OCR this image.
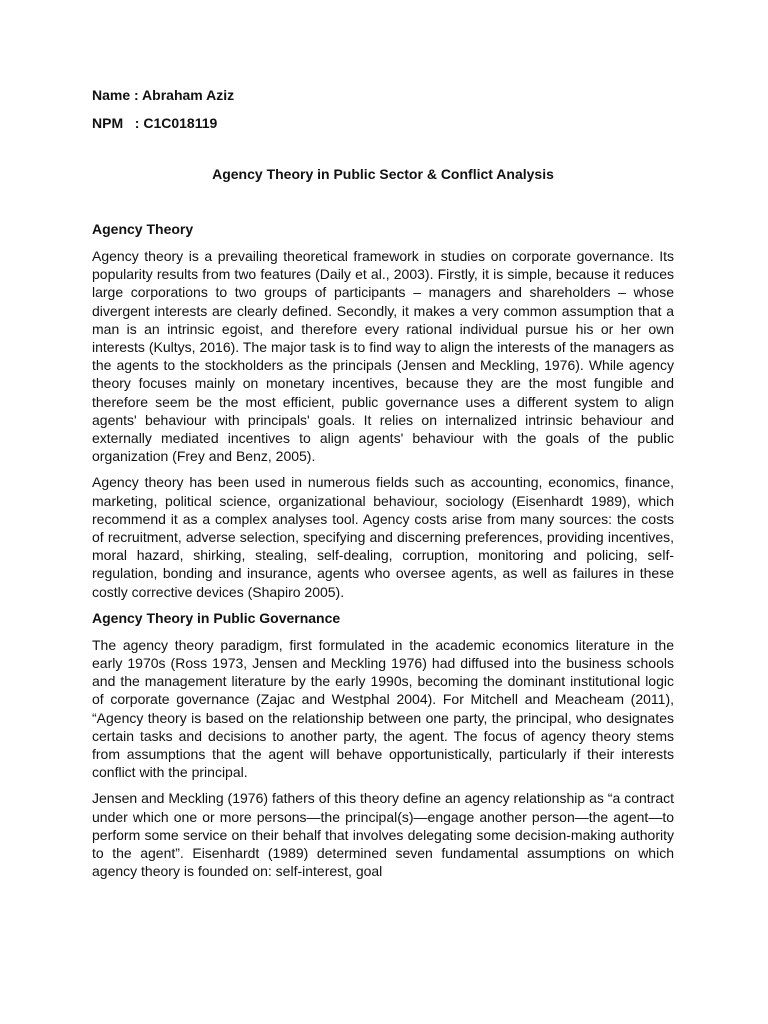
Name : Abraham Aziz
NPM   : C1C018119
Agency Theory in Public Sector & Conflict Analysis
Agency Theory

Agency theory is a prevailing theoretical framework in studies on corporate governance. Its popularity results from two features (Daily et al., 2003). Firstly, it is simple, because it reduces large corporations to two groups of participants – managers and shareholders – whose divergent interests are clearly defined. Secondly, it makes a very common assumption that a man is an intrinsic egoist, and therefore every rational individual pursue his or her own interests (Kultys, 2016). The major task is to find way to align the interests of the managers as the agents to the stockholders as the principals (Jensen and Meckling, 1976). While agency theory focuses mainly on monetary incentives, because they are the most fungible and therefore seem be the most efficient, public governance uses a different system to align agents' behaviour with principals' goals. It relies on internalized intrinsic behaviour and externally mediated incentives to align agents' behaviour with the goals of the public organization (Frey and Benz, 2005).

Agency theory has been used in numerous fields such as accounting, economics, finance, marketing, political science, organizational behaviour, sociology (Eisenhardt 1989), which recommend it as a complex analyses tool. Agency costs arise from many sources: the costs of recruitment, adverse selection, specifying and discerning preferences, providing incentives, moral hazard, shirking, stealing, self-dealing, corruption, monitoring and policing, self-regulation, bonding and insurance, agents who oversee agents, as well as failures in these costly corrective devices (Shapiro 2005).

Agency Theory in Public Governance

The agency theory paradigm, first formulated in the academic economics literature in the early 1970s (Ross 1973, Jensen and Meckling 1976) had diffused into the business schools and the management literature by the early 1990s, becoming the dominant institutional logic of corporate governance (Zajac and Westphal 2004). For Mitchell and Meacheam (2011), “Agency theory is based on the relationship between one party, the principal, who designates certain tasks and decisions to another party, the agent. The focus of agency theory stems from assumptions that the agent will behave opportunistically, particularly if their interests conflict with the principal.

Jensen and Meckling (1976) fathers of this theory define an agency relationship as “a contract under which one or more persons—the principal(s)—engage another person—the agent—to perform some service on their behalf that involves delegating some decision-making authority to the agent”. Eisenhardt (1989) determined seven fundamental assumptions on which agency theory is founded on: self-interest, goal
